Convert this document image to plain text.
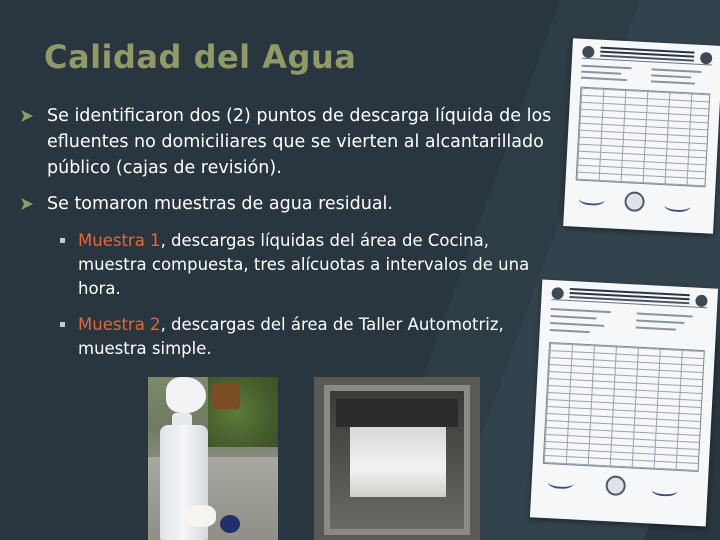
Calidad del Agua
Se identificaron dos (2) puntos de descarga líquida de los efluentes no domiciliares que se vierten al alcantarillado público (cajas de revisión).
Se tomaron muestras de agua residual.
Muestra 1, descargas líquidas del área de Cocina, muestra compuesta, tres alícuotas a intervalos de una hora.
Muestra 2, descargas del área de Taller Automotriz, muestra simple.
